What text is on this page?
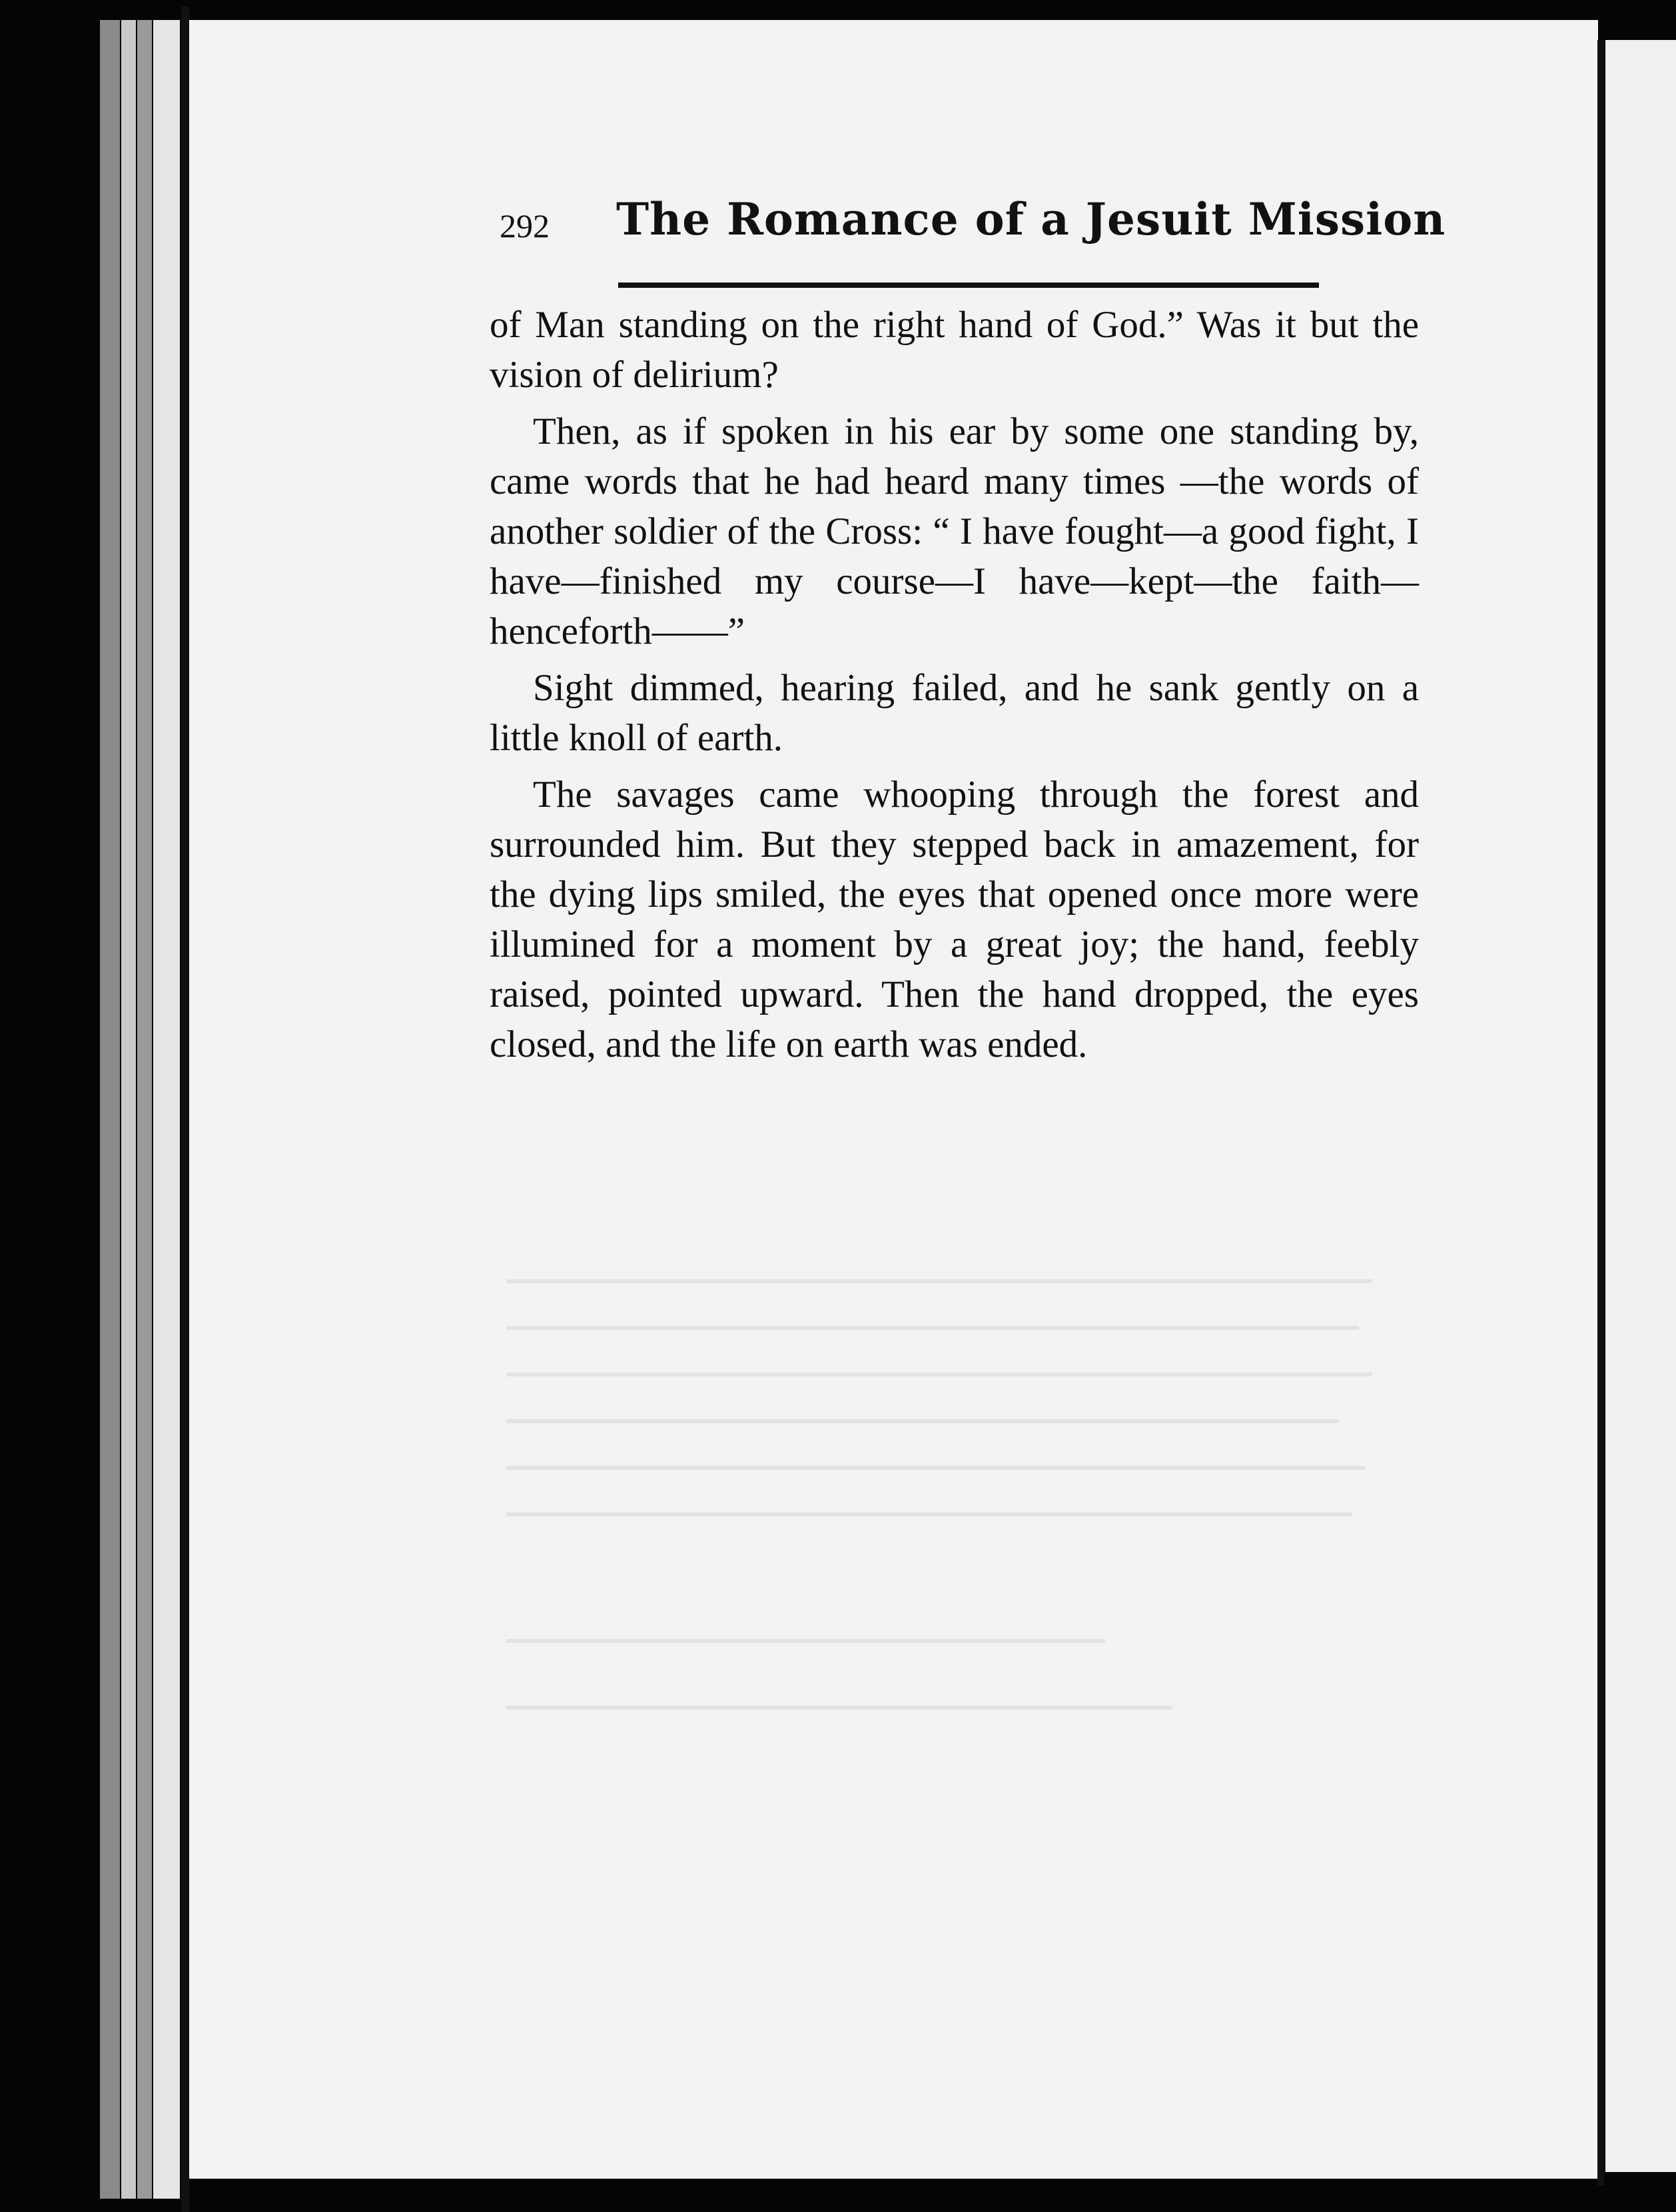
292 The Romance of a Jesuit Mission

of Man standing on the right hand of God.” Was it but the vision of delirium?

Then, as if spoken in his ear by some one standing by, came words that he had heard many times —the words of another soldier of the Cross: “ I have fought—a good fight, I have—finished my course—I have—kept—the faith—henceforth——”

Sight dimmed, hearing failed, and he sank gently on a little knoll of earth.

The savages came whooping through the forest and surrounded him. But they stepped back in amazement, for the dying lips smiled, the eyes that opened once more were illumined for a moment by a great joy; the hand, feebly raised, pointed upward. Then the hand dropped, the eyes closed, and the life on earth was ended.
